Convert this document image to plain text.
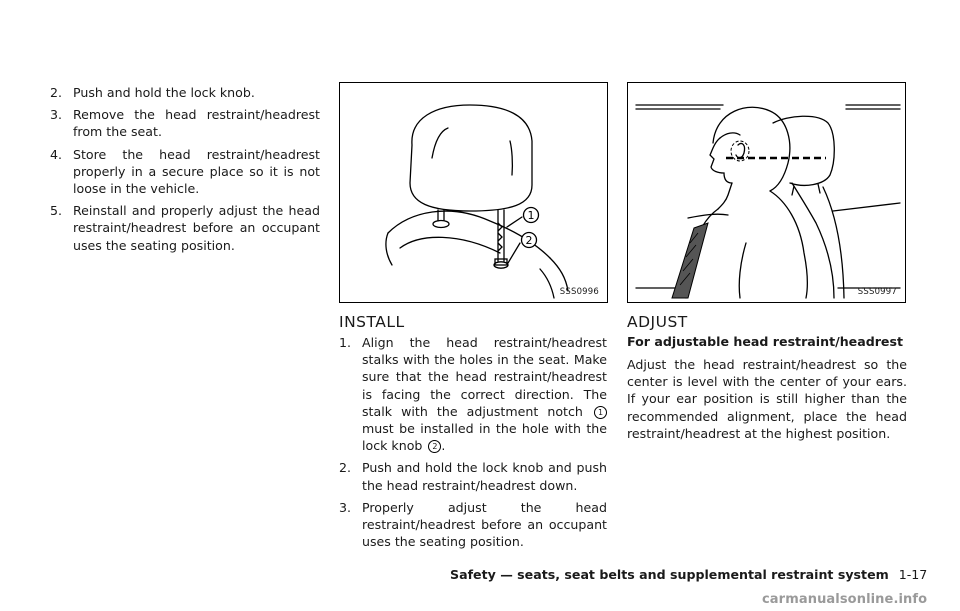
2. Push and hold the lock knob.
3. Remove the head restraint/headrest from the seat.
4. Store the head restraint/headrest properly in a secure place so it is not loose in the vehicle.
5. Reinstall and properly adjust the head restraint/headrest before an occupant uses the seating position.
1
2
SSS0996	SSS0997
INSTALL
1. Align the head restraint/headrest stalks with the holes in the seat. Make sure that the head restraint/headrest is facing the correct direction. The stalk with the adjustment notch 1 must be installed in the hole with the lock knob 2 .
2. Push and hold the lock knob and push the head restraint/headrest down.
3. Properly adjust the head restraint/headrest before an occupant uses the seating position.
ADJUST
For adjustable head restraint/headrest
Adjust the head restraint/headrest so the center is level with the center of your ears. If your ear position is still higher than the recommended alignment, place the head restraint/headrest at the highest position.
Safety — seats, seat belts and supplemental restraint system 1-17
carmanualsonline.info
